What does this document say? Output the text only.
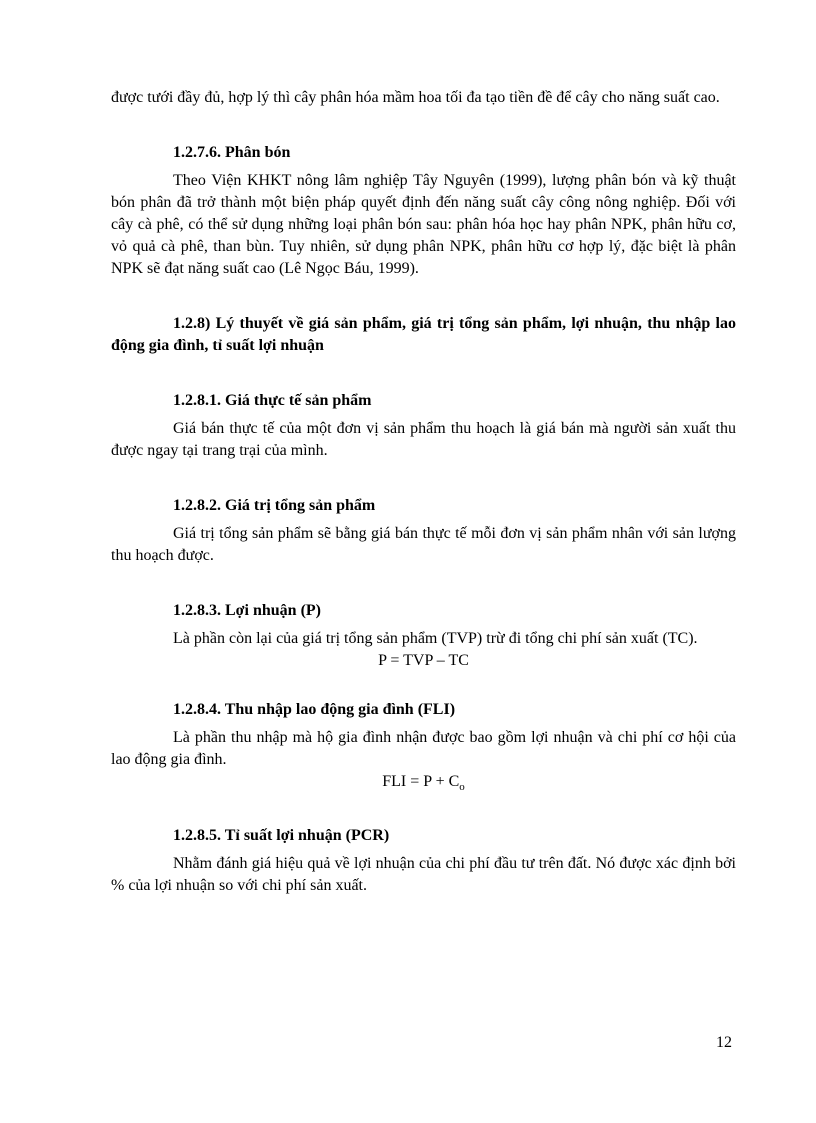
được tưới đầy đủ, hợp lý thì cây phân hóa mầm hoa tối đa tạo tiền đề để cây cho năng suất cao.

1.2.7.6. Phân bón

Theo Viện KHKT nông lâm nghiệp Tây Nguyên (1999), lượng phân bón và kỹ thuật bón phân đã trở thành một biện pháp quyết định đến năng suất cây công nông nghiệp. Đối với cây cà phê, có thể sử dụng những loại phân bón sau: phân hóa học hay phân NPK, phân hữu cơ, vỏ quả cà phê, than bùn. Tuy nhiên, sử dụng phân NPK, phân hữu cơ hợp lý, đặc biệt là phân NPK sẽ đạt năng suất cao (Lê Ngọc Báu, 1999).

1.2.8) Lý thuyết về giá sản phẩm, giá trị tổng sản phẩm, lợi nhuận, thu nhập lao động gia đình, tỉ suất lợi nhuận
1.2.8.1. Giá thực tế sản phẩm

Giá bán thực tế của một đơn vị sản phẩm thu hoạch là giá bán mà người sản xuất thu được ngay tại trang trại của mình.

1.2.8.2. Giá trị tổng sản phẩm

Giá trị tổng sản phẩm sẽ bằng giá bán thực tế mỗi đơn vị sản phẩm nhân với sản lượng thu hoạch được.

1.2.8.3. Lợi nhuận (P)

Là phần còn lại của giá trị tổng sản phẩm (TVP) trừ đi tổng chi phí sản xuất (TC).

P = TVP – TC
1.2.8.4. Thu nhập lao động gia đình (FLI)

Là phần thu nhập mà hộ gia đình nhận được bao gồm lợi nhuận và chi phí cơ hội của lao động gia đình.

FLI = $P + C_o$
1.2.8.5. Tỉ suất lợi nhuận (PCR)

Nhằm đánh giá hiệu quả về lợi nhuận của chi phí đầu tư trên đất. Nó được xác định bởi % của lợi nhuận so với chi phí sản xuất.

12
